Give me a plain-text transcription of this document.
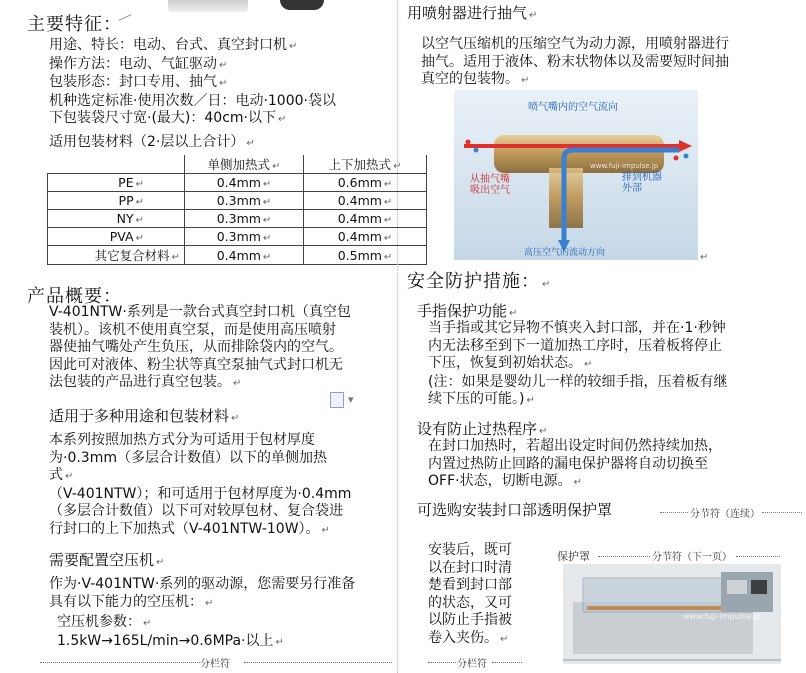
主要特征：
用途、特长：电动、台式、真空封口机 ↵
操作方法：电动、气缸驱动 ↵
包装形态：封口专用、抽气 ↵
机种选定标准·使用次数／日：电动·1000·袋以
下包装袋尺寸宽·(最大)：40cm·以下 ↵
适用包装材料（2·层以上合计） ↵
	单侧加热式 ↵	上下加热式 ↵
PE ↵	0.4mm ↵	0.6mm ↵
PP ↵	0.3mm ↵	0.4mm ↵
NY ↵	0.3mm ↵	0.4mm ↵
PVA ↵	0.3mm ↵	0.4mm ↵
其它复合材料 ↵	0.4mm ↵	0.5mm ↵
产品概要：
V-401NTW·系列是一款台式真空封口机（真空包
装机）。该机不使用真空泵，而是使用高压喷射
器使抽气嘴处产生负压，从而排除袋内的空气。
因此可对液体、粉尘状等真空泵抽气式封口机无
法包装的产品进行真空包装。 ↵
适用于多种用途和包装材料 ↵
▾
本系列按照加热方式分为可适用于包材厚度
为·0.3mm（多层合计数值）以下的单侧加热
式 ↵
（V-401NTW）；和可适用于包材厚度为·0.4mm
（多层合计数值）以下可对较厚包材、复合袋进
行封口的上下加热式（V-401NTW-10W）。 ↵
需要配置空压机 ↵
作为·V-401NTW·系列的驱动源，您需要另行准备
具有以下能力的空压机： ↵
空压机参数： ↵
1.5kW→165L/min→0.6MPa·以上 ↵
分栏符
用喷射器进行抽气 ↵
以空气压缩机的压缩空气为动力源，用喷射器进行
抽气。适用于液体、粉末状物体以及需要短时间抽
真空的包装物。 ↵
喷气嘴内的空气流向
从抽气嘴
吸出空气
排到机器
外部
高压空气的流动方向
www.fuji-impulse.jp
↵
安全防护措施： ↵
手指保护功能 ↵
当手指或其它异物不慎夹入封口部，并在·1·秒钟
内无法移至到下一道加热工序时，压着板将停止
下压，恢复到初始状态。 ↵
(注：如果是婴幼儿一样的较细手指，压着板有继
续下压的可能。) ↵
设有防止过热程序 ↵
在封口加热时，若超出设定时间仍然持续加热，
内置过热防止回路的漏电保护器将自动切换至
OFF·状态，切断电源。 ↵
可选购安装封口部透明保护罩	分节符（连续）
安装后，既可
以在封口时清
楚看到封口部
的状态，又可
以防止手指被
卷入夹伤。 ↵
分栏符
保护罩	分节符（下一页）
www.fuji-impulse.jp
